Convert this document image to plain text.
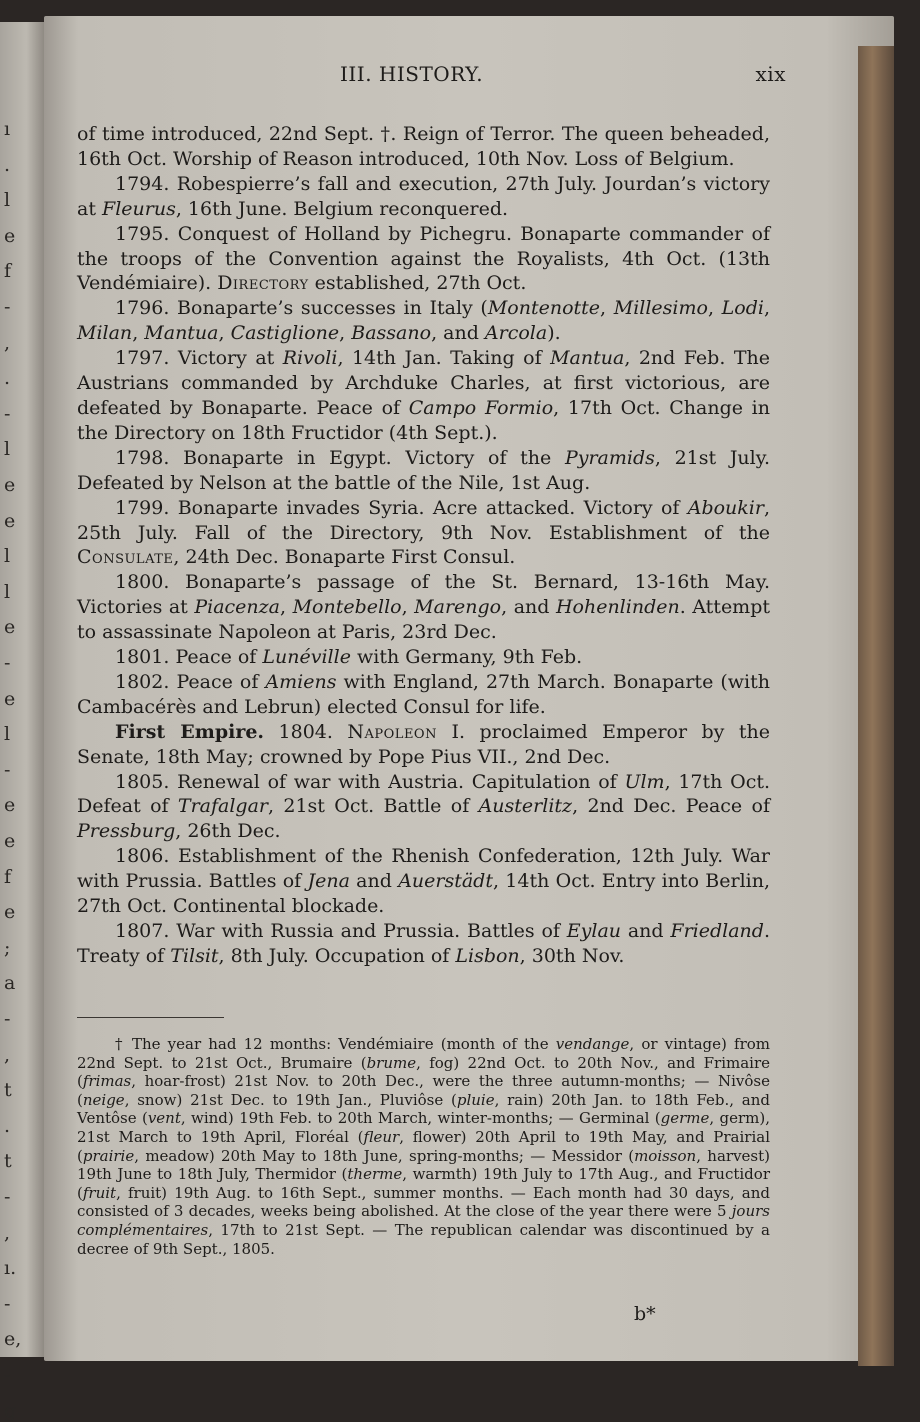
ı
.
l
e
f
-
,
.
-
l
e
e
l
l
e
-
e
l
-
e
e
f
e
;
a
-
,
t
.
t
-
,
ı.
-
e,
-
g
III. HISTORY.	xix

of time introduced, 22nd Sept. †. Reign of Terror. The queen beheaded, 16th Oct. Worship of Reason introduced, 10th Nov. Loss of Belgium.

1794. Robespierre’s fall and execution, 27th July. Jourdan’s victory at Fleurus, 16th June. Belgium reconquered.

1795. Conquest of Holland by Pichegru. Bonaparte commander of the troops of the Convention against the Royalists, 4th Oct. (13th Vendémiaire). Directory established, 27th Oct.

1796. Bonaparte’s successes in Italy (Montenotte, Millesimo, Lodi, Milan, Mantua, Castiglione, Bassano, and Arcola).

1797. Victory at Rivoli, 14th Jan. Taking of Mantua, 2nd Feb. The Austrians commanded by Archduke Charles, at first victorious, are defeated by Bonaparte. Peace of Campo Formio, 17th Oct. Change in the Directory on 18th Fructidor (4th Sept.).

1798. Bonaparte in Egypt. Victory of the Pyramids, 21st July. Defeated by Nelson at the battle of the Nile, 1st Aug.

1799. Bonaparte invades Syria. Acre attacked. Victory of Aboukir, 25th July. Fall of the Directory, 9th Nov. Establishment of the Consulate, 24th Dec. Bonaparte First Consul.

1800. Bonaparte’s passage of the St. Bernard, 13-16th May. Victories at Piacenza, Montebello, Marengo, and Hohenlinden. Attempt to assassinate Napoleon at Paris, 23rd Dec.

1801. Peace of Lunéville with Germany, 9th Feb.

1802. Peace of Amiens with England, 27th March. Bonaparte (with Cambacérès and Lebrun) elected Consul for life.

First Empire. 1804. Napoleon I. proclaimed Emperor by the Senate, 18th May; crowned by Pope Pius VII., 2nd Dec.

1805. Renewal of war with Austria. Capitulation of Ulm, 17th Oct. Defeat of Trafalgar, 21st Oct. Battle of Austerlitz, 2nd Dec. Peace of Pressburg, 26th Dec.

1806. Establishment of the Rhenish Confederation, 12th July. War with Prussia. Battles of Jena and Auerstädt, 14th Oct. Entry into Berlin, 27th Oct. Continental blockade.

1807. War with Russia and Prussia. Battles of Eylau and Friedland. Treaty of Tilsit, 8th July. Occupation of Lisbon, 30th Nov.

† The year had 12 months: Vendémiaire (month of the vendange, or vintage) from 22nd Sept. to 21st Oct., Brumaire (brume, fog) 22nd Oct. to 20th Nov., and Frimaire (frimas, hoar-frost) 21st Nov. to 20th Dec., were the three autumn-months; — Nivôse (neige, snow) 21st Dec. to 19th Jan., Pluviôse (pluie, rain) 20th Jan. to 18th Feb., and Ventôse (vent, wind) 19th Feb. to 20th March, winter-months; — Germinal (germe, germ), 21st March to 19th April, Floréal (fleur, flower) 20th April to 19th May, and Prairial (prairie, meadow) 20th May to 18th June, spring-months; — Messidor (moisson, harvest) 19th June to 18th July, Thermidor (therme, warmth) 19th July to 17th Aug., and Fructidor (fruit, fruit) 19th Aug. to 16th Sept., summer months. — Each month had 30 days, and consisted of 3 decades, weeks being abolished. At the close of the year there were 5 jours complémentaires, 17th to 21st Sept. — The republican calendar was discontinued by a decree of 9th Sept., 1805.
b*
